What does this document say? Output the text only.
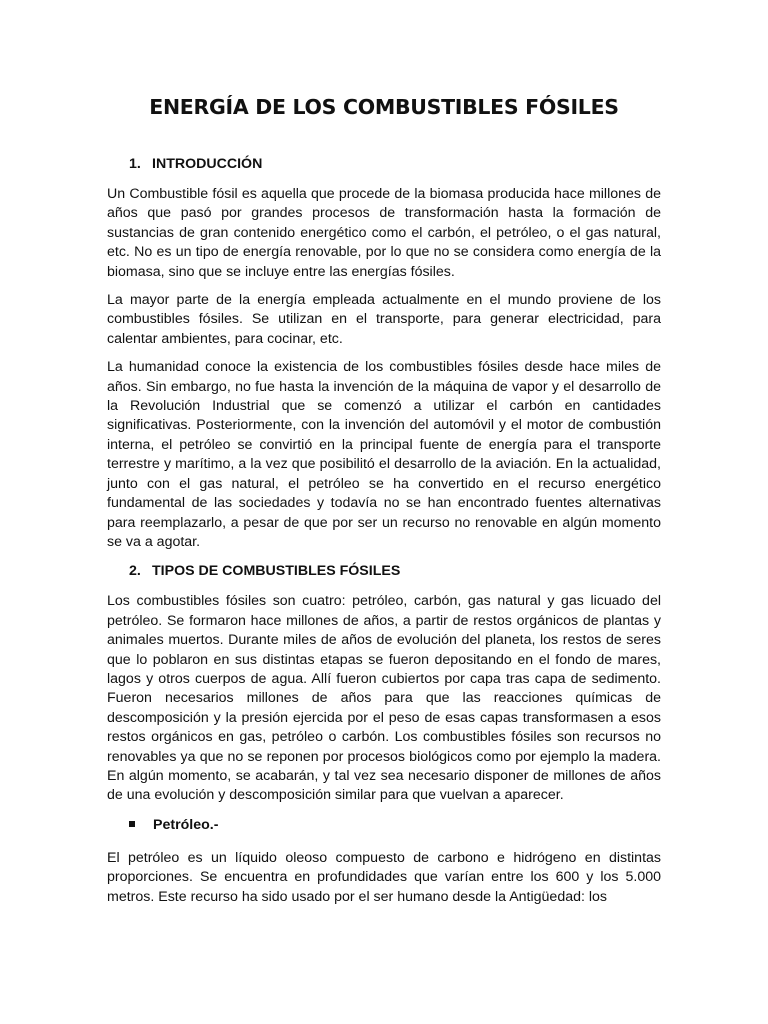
ENERGÍA DE LOS COMBUSTIBLES FÓSILES
1. INTRODUCCIÓN

Un Combustible fósil es aquella que procede de la biomasa producida hace millones de años que pasó por grandes procesos de transformación hasta la formación de sustancias de gran contenido energético como el carbón, el petróleo, o el gas natural, etc. No es un tipo de energía renovable, por lo que no se considera como energía de la biomasa, sino que se incluye entre las energías fósiles.

La mayor parte de la energía empleada actualmente en el mundo proviene de los combustibles fósiles. Se utilizan en el transporte, para generar electricidad, para calentar ambientes, para cocinar, etc.

La humanidad conoce la existencia de los combustibles fósiles desde hace miles de años. Sin embargo, no fue hasta la invención de la máquina de vapor y el desarrollo de la Revolución Industrial que se comenzó a utilizar el carbón en cantidades significativas. Posteriormente, con la invención del automóvil y el motor de combustión interna, el petróleo se convirtió en la principal fuente de energía para el transporte terrestre y marítimo, a la vez que posibilitó el desarrollo de la aviación. En la actualidad, junto con el gas natural, el petróleo se ha convertido en el recurso energético fundamental de las sociedades y todavía no se han encontrado fuentes alternativas para reemplazarlo, a pesar de que por ser un recurso no renovable en algún momento se va a agotar.

2. TIPOS DE COMBUSTIBLES FÓSILES

Los combustibles fósiles son cuatro: petróleo, carbón, gas natural y gas licuado del petróleo. Se formaron hace millones de años, a partir de restos orgánicos de plantas y animales muertos. Durante miles de años de evolución del planeta, los restos de seres que lo poblaron en sus distintas etapas se fueron depositando en el fondo de mares, lagos y otros cuerpos de agua. Allí fueron cubiertos por capa tras capa de sedimento. Fueron necesarios millones de años para que las reacciones químicas de descomposición y la presión ejercida por el peso de esas capas transformasen a esos restos orgánicos en gas, petróleo o carbón. Los combustibles fósiles son recursos no renovables ya que no se reponen por procesos biológicos como por ejemplo la madera. En algún momento, se acabarán, y tal vez sea necesario disponer de millones de años de una evolución y descomposición similar para que vuelvan a aparecer.

Petróleo.-

El petróleo es un líquido oleoso compuesto de carbono e hidrógeno en distintas proporciones. Se encuentra en profundidades que varían entre los 600 y los 5.000 metros. Este recurso ha sido usado por el ser humano desde la Antigüedad: los
